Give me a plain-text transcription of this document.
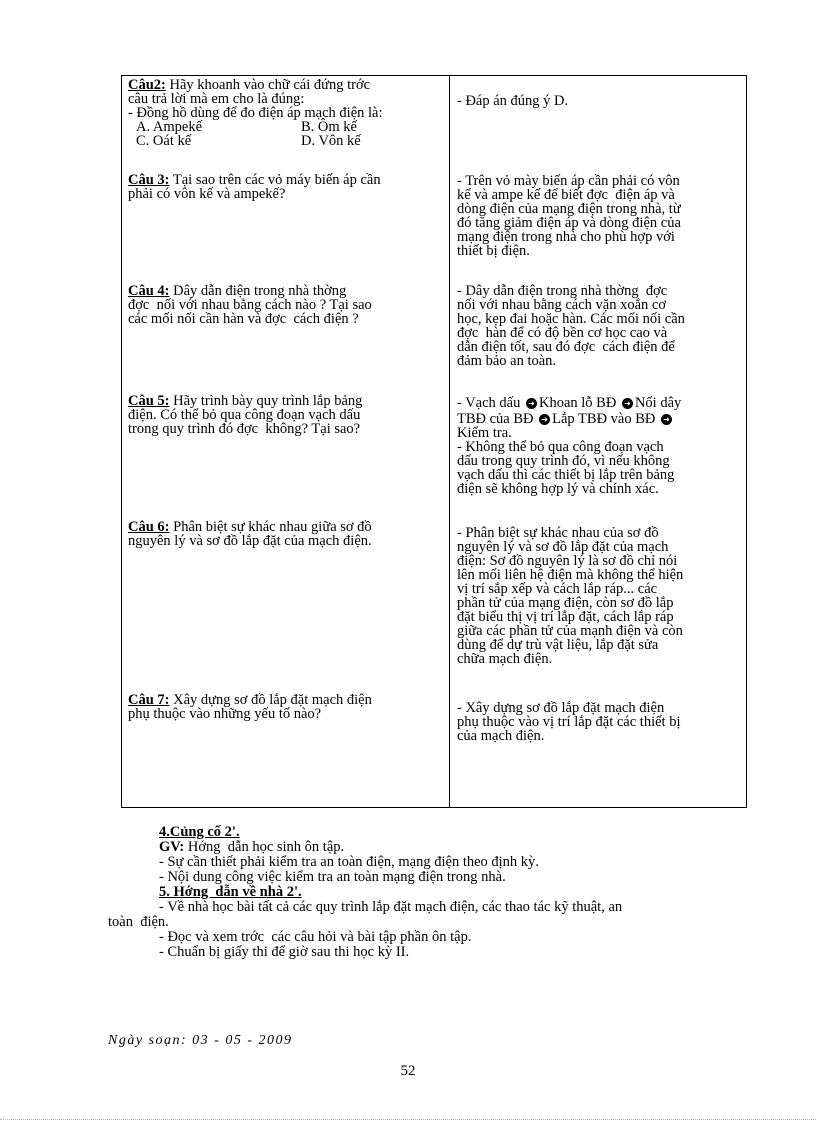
Câu2: Hãy khoanh vào chữ cái đứng trớc
câu trả lời mà em cho là đúng:
- Đồng hồ dùng để đo điện áp mạch điện là:
A. Ampekế	B. Ôm kế
C. Oát kế	D. Vôn kế
Câu 3: Tại sao trên các vỏ máy biến áp cần
phải có vôn kế và ampekế?
Câu 4: Dây dẫn điện trong nhà thờng
đợc  nối với nhau bằng cách nào ? Tại sao
các mối nối cần hàn và đợc  cách điện ?
Câu 5: Hãy trình bày quy trình lắp bảng
điện. Có thể bỏ qua công đoạn vạch dấu
trong quy trình đó đợc  không? Tại sao?
Câu 6: Phân biệt sự khác nhau giữa sơ đồ
nguyên lý và sơ đồ lắp đặt của mạch điện.
Câu 7: Xây dựng sơ đồ lắp đặt mạch điện
phụ thuộc vào những yếu tố nào?
- Đáp án đúng ý D.
- Trên vỏ mày biến áp cần phải có vôn
kế và ampe kế để biết đợc  điện áp và
dòng điện của mạng điện trong nhà, từ
đó tăng giảm điện áp và dòng điện của
mạng điện trong nhà cho phù hợp với
thiết bị điện.
- Dây dẫn điện trong nhà thờng  đợc
nối với nhau bằng cách vặn xoắn cơ
học, kẹp đai hoặc hàn. Các mối nối cần
đợc  hàn để có độ bền cơ học cao và
dẫn điện tốt, sau đó đợc  cách điện để
đảm bảo an toàn.
- Vạch dấu ➜ Khoan lỗ BĐ ➜ Nối dây
TBĐ của BĐ ➜ Lắp TBĐ vào BĐ ➜
Kiểm tra.
- Không thể bỏ qua công đoạn vạch
dấu trong quy trình đó, vì nếu không
vạch dấu thì các thiết bị lắp trên bảng
điện sẽ không hợp lý và chính xác.
- Phân biệt sự khác nhau của sơ đồ
nguyên lý và sơ đồ lắp đặt của mạch
điện: Sơ đồ nguyên lý là sơ đồ chỉ nói
lên mối liên hệ điện mà không thể hiện
vị trí sắp xếp và cách lắp ráp... các
phần tử của mạng điện, còn sơ đồ lắp
đặt biểu thị vị trí lắp đặt, cách lắp ráp
giữa các phần tử của mạnh điện và còn
dùng để dự trù vật liệu, lắp đặt sửa
chữa mạch điện.
- Xây dựng sơ đồ lắp đặt mạch điện
phụ thuộc vào vị trí lắp đặt các thiết bị
của mạch điện.
4.Củng cố 2'.
GV: Hớng  dẫn học sinh ôn tập.
- Sự cần thiết phải kiểm tra an toàn điện, mạng điện theo định kỳ.
- Nội dung công việc kiểm tra an toàn mạng điện trong nhà.
5. Hớng  dẫn về nhà 2'.
- Về nhà học bài tất cả các quy trình lắp đặt mạch điện, các thao tác kỹ thuật, an
toàn  điện.
- Đọc và xem trớc  các câu hỏi và bài tập phần ôn tập.
- Chuẩn bị giấy thi để giờ sau thi học kỳ II.
Ngày soạn: 03 - 05 - 2009
52
